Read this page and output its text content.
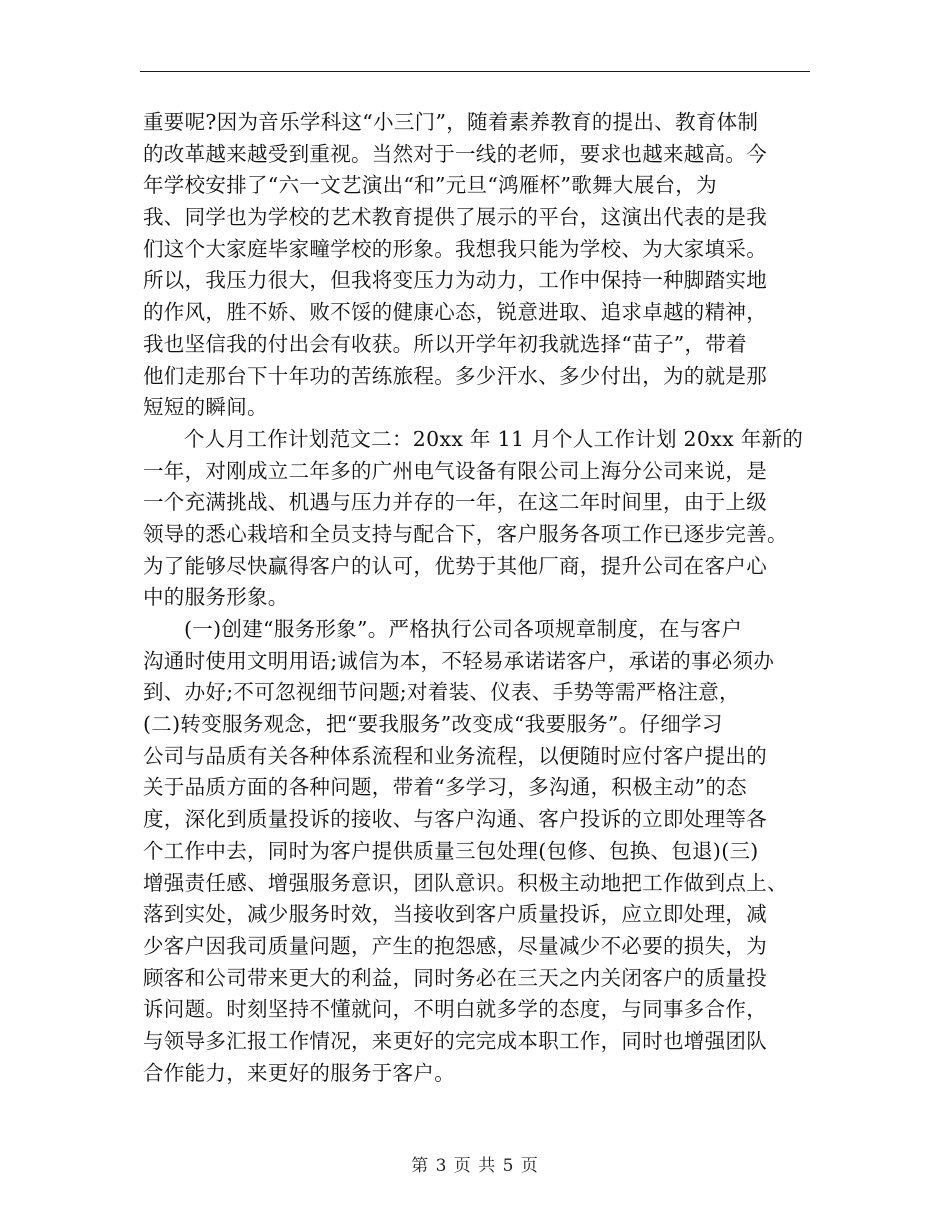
重要呢?因为音乐学科这“小三门”，随着素养教育的提出、教育体制
的改革越来越受到重视。当然对于一线的老师，要求也越来越高。今
年学校安排了“六一文艺演出“和”元旦“鸿雁杯”歌舞大展台，为
我、同学也为学校的艺术教育提供了展示的平台，这演出代表的是我
们这个大家庭毕家疃学校的形象。我想我只能为学校、为大家填采。
所以，我压力很大，但我将变压力为动力，工作中保持一种脚踏实地
的作风，胜不娇、败不馁的健康心态，锐意进取、追求卓越的精神，
我也坚信我的付出会有收获。所以开学年初我就选择“苗子”，带着
他们走那台下十年功的苦练旅程。多少汗水、多少付出，为的就是那
短短的瞬间。
个人月工作计划范文二：20xx 年 11 月个人工作计划 20xx 年新的
一年，对刚成立二年多的广州电气设备有限公司上海分公司来说，是
一个充满挑战、机遇与压力并存的一年，在这二年时间里，由于上级
领导的悉心栽培和全员支持与配合下，客户服务各项工作已逐步完善。
为了能够尽快赢得客户的认可，优势于其他厂商，提升公司在客户心
中的服务形象。
(一)创建“服务形象”。严格执行公司各项规章制度，在与客户
沟通时使用文明用语;诚信为本，不轻易承诺诺客户，承诺的事必须办
到、办好;不可忽视细节问题;对着装、仪表、手势等需严格注意，
(二)转变服务观念，把“要我服务”改变成“我要服务”。仔细学习
公司与品质有关各种体系流程和业务流程，以便随时应付客户提出的
关于品质方面的各种问题，带着“多学习，多沟通，积极主动”的态
度，深化到质量投诉的接收、与客户沟通、客户投诉的立即处理等各
个工作中去，同时为客户提供质量三包处理(包修、包换、包退)(三)
增强责任感、增强服务意识，团队意识。积极主动地把工作做到点上、
落到实处，减少服务时效，当接收到客户质量投诉，应立即处理，减
少客户因我司质量问题，产生的抱怨感，尽量减少不必要的损失，为
顾客和公司带来更大的利益，同时务必在三天之内关闭客户的质量投
诉问题。时刻坚持不懂就问，不明白就多学的态度，与同事多合作，
与领导多汇报工作情况，来更好的完完成本职工作，同时也增强团队
合作能力，来更好的服务于客户。
第 3 页 共 5 页
